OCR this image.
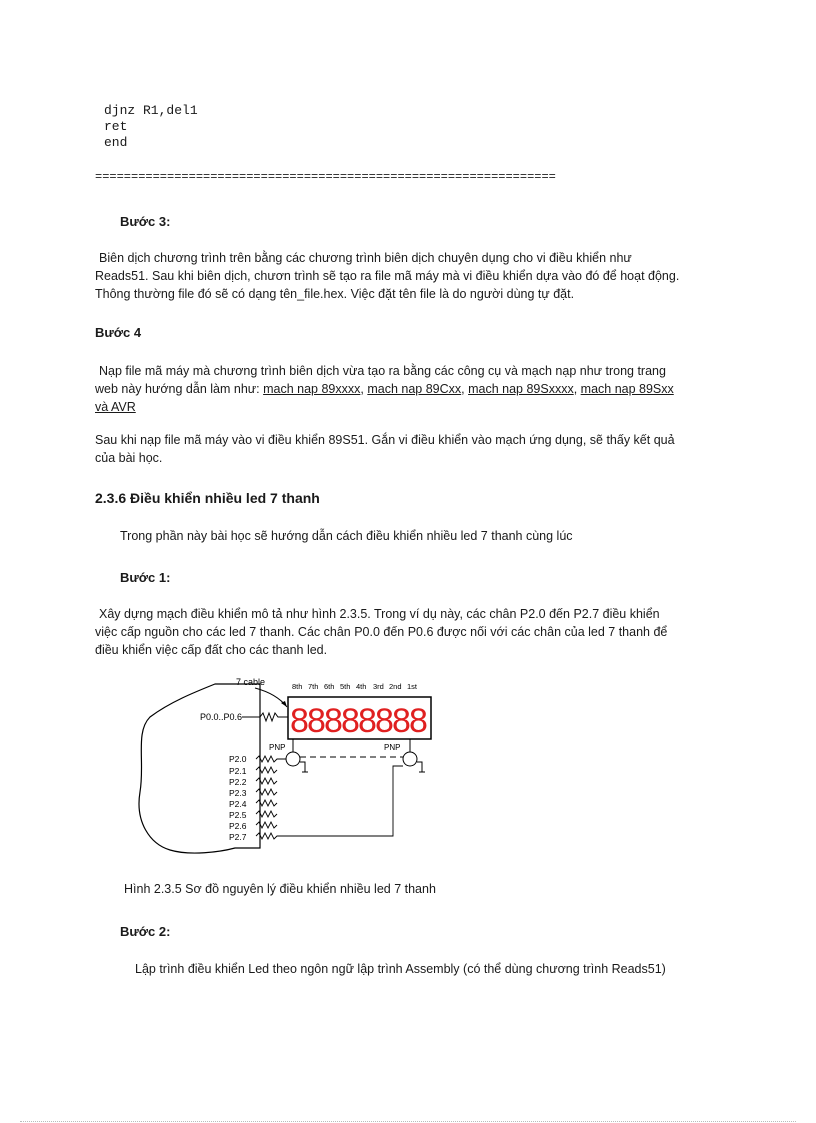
djnz R1,del1
ret
end
================================================================
Bước 3:
Biên dịch chương trình trên bằng các chương trình biên dịch chuyên dụng cho vi điều khiển như
Reads51. Sau khi biên dịch, chươn trình sẽ tạo ra file mã máy mà vi điều khiển dựa vào đó để hoạt động.
Thông thường file đó sẽ có dạng tên_file.hex. Việc đặt tên file là do người dùng tự đặt.
Bước 4
Nạp file mã máy mà chương trình biên dịch vừa tạo ra bằng các công cụ và mạch nạp như trong trang
web này hướng dẫn làm như: mach nap 89xxxx, mach nap 89Cxx, mach nap 89Sxxxx, mach nap 89Sxx
và AVR
Sau khi nạp file mã máy vào vi điều khiển 89S51. Gắn vi điều khiển vào mạch ứng dụng, sẽ thấy kết quả
của bài học.
2.3.6 Điều khiển nhiều led 7 thanh
Trong phần này bài học sẽ hướng dẫn cách điều khiển nhiều led 7 thanh cùng lúc
Bước 1:
Xây dựng mạch điều khiển mô tả như hình 2.3.5. Trong ví dụ này, các chân P2.0 đến P2.7 điều khiển
việc cấp nguồn cho các led 7 thanh. Các chân P0.0 đến P0.6 được nối với các chân của led 7 thanh để
điều khiển việc cấp đất cho các thanh led.
7 cable
P0.0..P0.6
8th 7th 6th 5th 4th 3rd 2nd 1st
8
8
8
8
8
8
8
8
PNP	PNP
P2.0
P2.1
P2.2
P2.3
P2.4
P2.5
P2.6
P2.7
Hình 2.3.5 Sơ đồ nguyên lý điều khiển nhiều led 7 thanh
Bước 2:
Lập trình điều khiển Led theo ngôn ngữ lập trình Assembly (có thể dùng chương trình Reads51)
